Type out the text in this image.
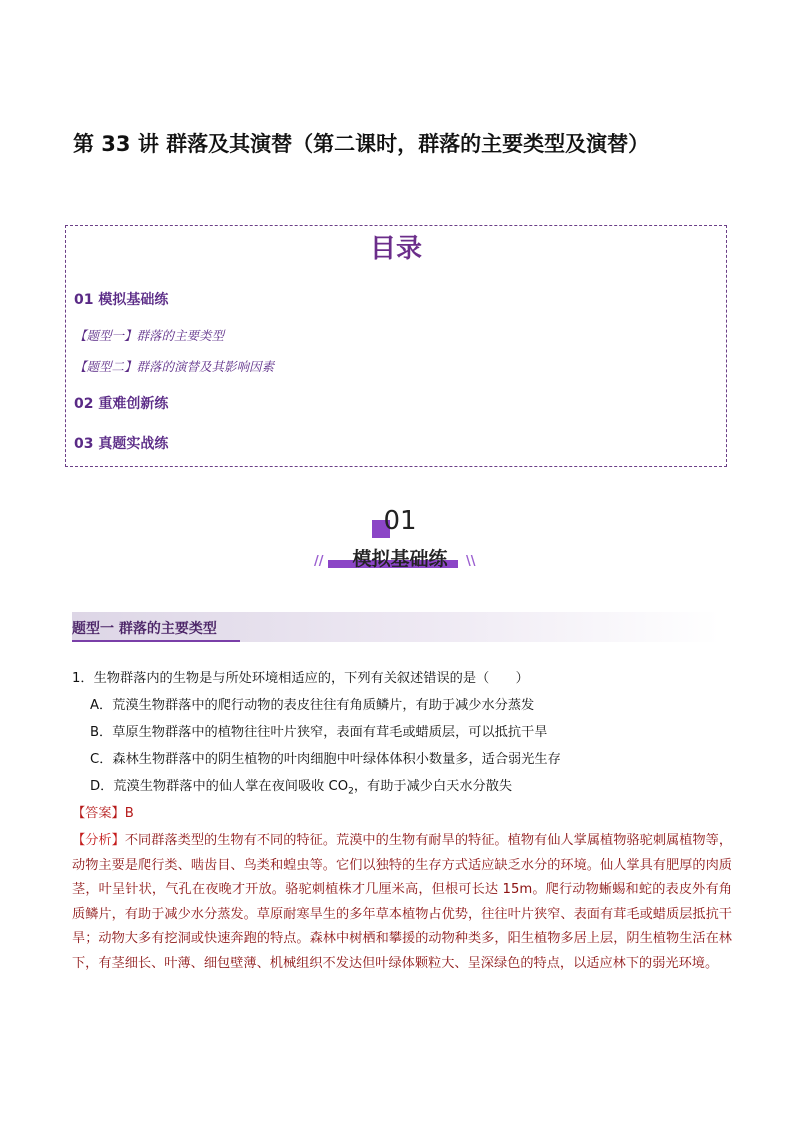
第 33 讲 群落及其演替（第二课时，群落的主要类型及演替）
目录
01 模拟基础练
【题型一】群落的主要类型
【题型二】群落的演替及其影响因素
02 重难创新练
03 真题实战练
01
//	模拟基础练	\\
题型一 群落的主要类型
1．生物群落内的生物是与所处环境相适应的，下列有关叙述错误的是（　　）
A．荒漠生物群落中的爬行动物的表皮往往有角质鳞片，有助于减少水分蒸发
B．草原生物群落中的植物往往叶片狭窄，表面有茸毛或蜡质层，可以抵抗干旱
C．森林生物群落中的阴生植物的叶肉细胞中叶绿体体积小数量多，适合弱光生存
D．荒漠生物群落中的仙人掌在夜间吸收 $CO_2$，有助于减少白天水分散失
【答案】B
【分析】不同群落类型的生物有不同的特征。荒漠中的生物有耐旱的特征。植物有仙人掌属植物骆驼刺属植物等，动物主要是爬行类、啮齿目、鸟类和蝗虫等。它们以独特的生存方式适应缺乏水分的环境。仙人掌具有肥厚的肉质茎，叶呈针状，气孔在夜晚才开放。骆驼刺植株才几厘米高，但根可长达 15m。爬行动物蜥蜴和蛇的表皮外有角质鳞片，有助于减少水分蒸发。草原耐寒旱生的多年草本植物占优势，往往叶片狭窄、表面有茸毛或蜡质层抵抗干旱；动物大多有挖洞或快速奔跑的特点。森林中树栖和攀援的动物种类多，阳生植物多居上层，阴生植物生活在林下，有茎细长、叶薄、细包壁薄、机械组织不发达但叶绿体颗粒大、呈深绿色的特点，以适应林下的弱光环境。
